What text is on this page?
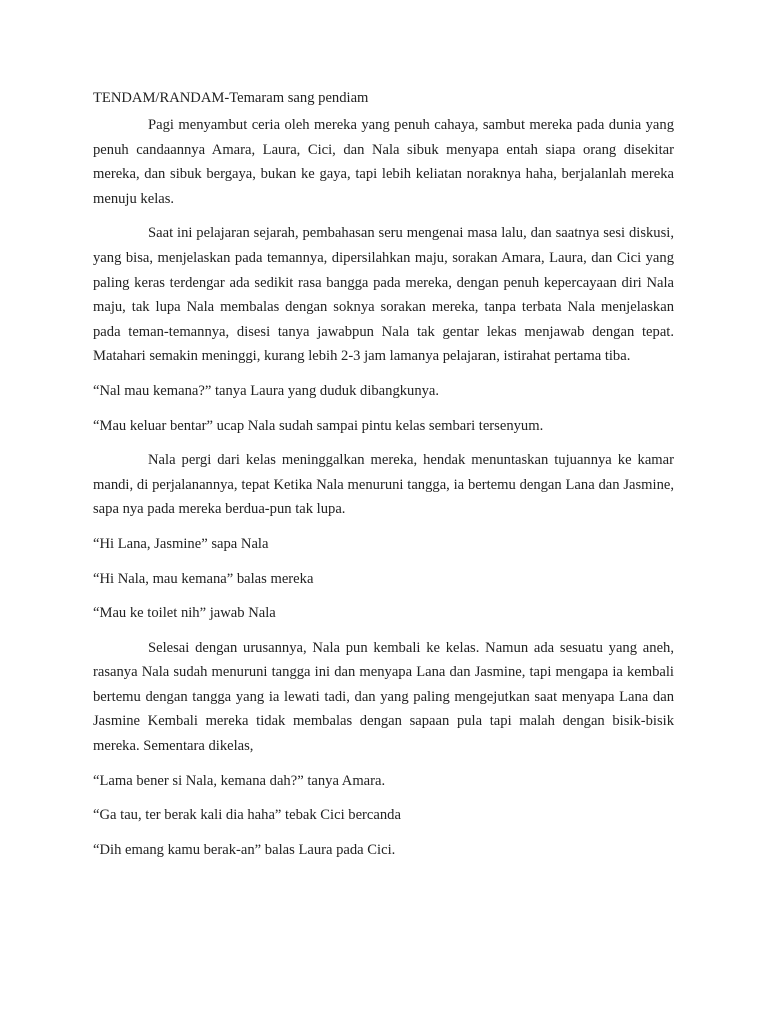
TENDAM/RANDAM-Temaram sang pendiam

Pagi menyambut ceria oleh mereka yang penuh cahaya, sambut mereka pada dunia yang penuh candaannya Amara, Laura, Cici, dan Nala sibuk menyapa entah siapa orang disekitar mereka, dan sibuk bergaya, bukan ke gaya, tapi lebih keliatan noraknya haha, berjalanlah mereka menuju kelas.

Saat ini pelajaran sejarah, pembahasan seru mengenai masa lalu, dan saatnya sesi diskusi, yang bisa, menjelaskan pada temannya, dipersilahkan maju, sorakan Amara, Laura, dan Cici yang paling keras terdengar ada sedikit rasa bangga pada mereka, dengan penuh kepercayaan diri Nala maju, tak lupa Nala membalas dengan soknya sorakan mereka, tanpa terbata Nala menjelaskan pada teman-temannya, disesi tanya jawabpun Nala tak gentar lekas menjawab dengan tepat. Matahari semakin meninggi, kurang lebih 2-3 jam lamanya pelajaran, istirahat pertama tiba.

“Nal mau kemana?” tanya Laura yang duduk dibangkunya.

“Mau keluar bentar” ucap Nala sudah sampai pintu kelas sembari tersenyum.

Nala pergi dari kelas meninggalkan mereka, hendak menuntaskan tujuannya ke kamar mandi, di perjalanannya, tepat Ketika Nala menuruni tangga, ia bertemu dengan Lana dan Jasmine, sapa nya pada mereka berdua-pun tak lupa.

“Hi Lana, Jasmine” sapa Nala

“Hi Nala, mau kemana” balas mereka

“Mau ke toilet nih” jawab Nala

Selesai dengan urusannya, Nala pun kembali ke kelas. Namun ada sesuatu yang aneh, rasanya Nala sudah menuruni tangga ini dan menyapa Lana dan Jasmine, tapi mengapa ia kembali bertemu dengan tangga yang ia lewati tadi, dan yang paling mengejutkan saat menyapa Lana dan Jasmine Kembali mereka tidak membalas dengan sapaan pula tapi malah dengan bisik-bisik mereka. Sementara dikelas,

“Lama bener si Nala, kemana dah?” tanya Amara.

“Ga tau, ter berak kali dia haha” tebak Cici bercanda

“Dih emang kamu berak-an” balas Laura pada Cici.
